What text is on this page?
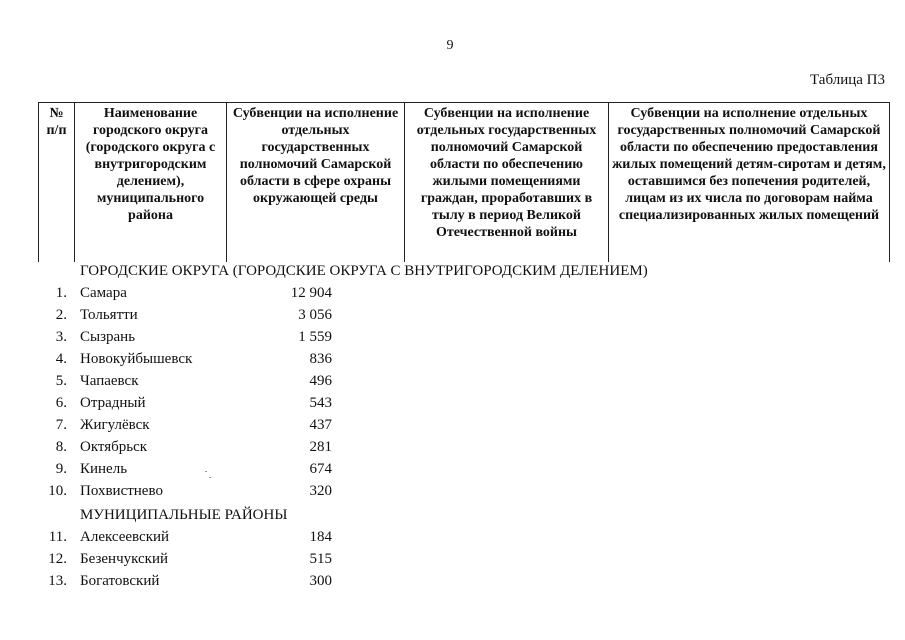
9
Таблица П3
№ п/п	Наименование городского округа (городского округа с внутригородским делением), муниципального района	Субвенции на исполнение отдельных государственных полномочий Самарской области в сфере охраны окружающей среды	Субвенции на исполнение отдельных государственных полномочий Самарской области по обеспечению жилыми помещениями граждан, проработавших в тылу в период Великой Отечественной войны	Субвенции на исполнение отдельных государственных полномочий Самарской области по обеспечению предоставления жилых помещений детям-сиротам и детям, оставшимся без попечения родителей, лицам из их числа по договорам найма специализированных жилых помещений
ГОРОДСКИЕ ОКРУГА (ГОРОДСКИЕ ОКРУГА С ВНУТРИГОРОДСКИМ ДЕЛЕНИЕМ)
1. Самара	12 904
2. Тольятти	3 056
3. Сызрань	1 559
4. Новокуйбышевск	836
5. Чапаевск	496
6. Отрадный	543
7. Жигулёвск	437
8. Октябрьск	281
9. Кинель	674
10. Похвистнево	320
МУНИЦИПАЛЬНЫЕ РАЙОНЫ
11. Алексеевский	184
12. Безенчукский	515
13. Богатовский	300
